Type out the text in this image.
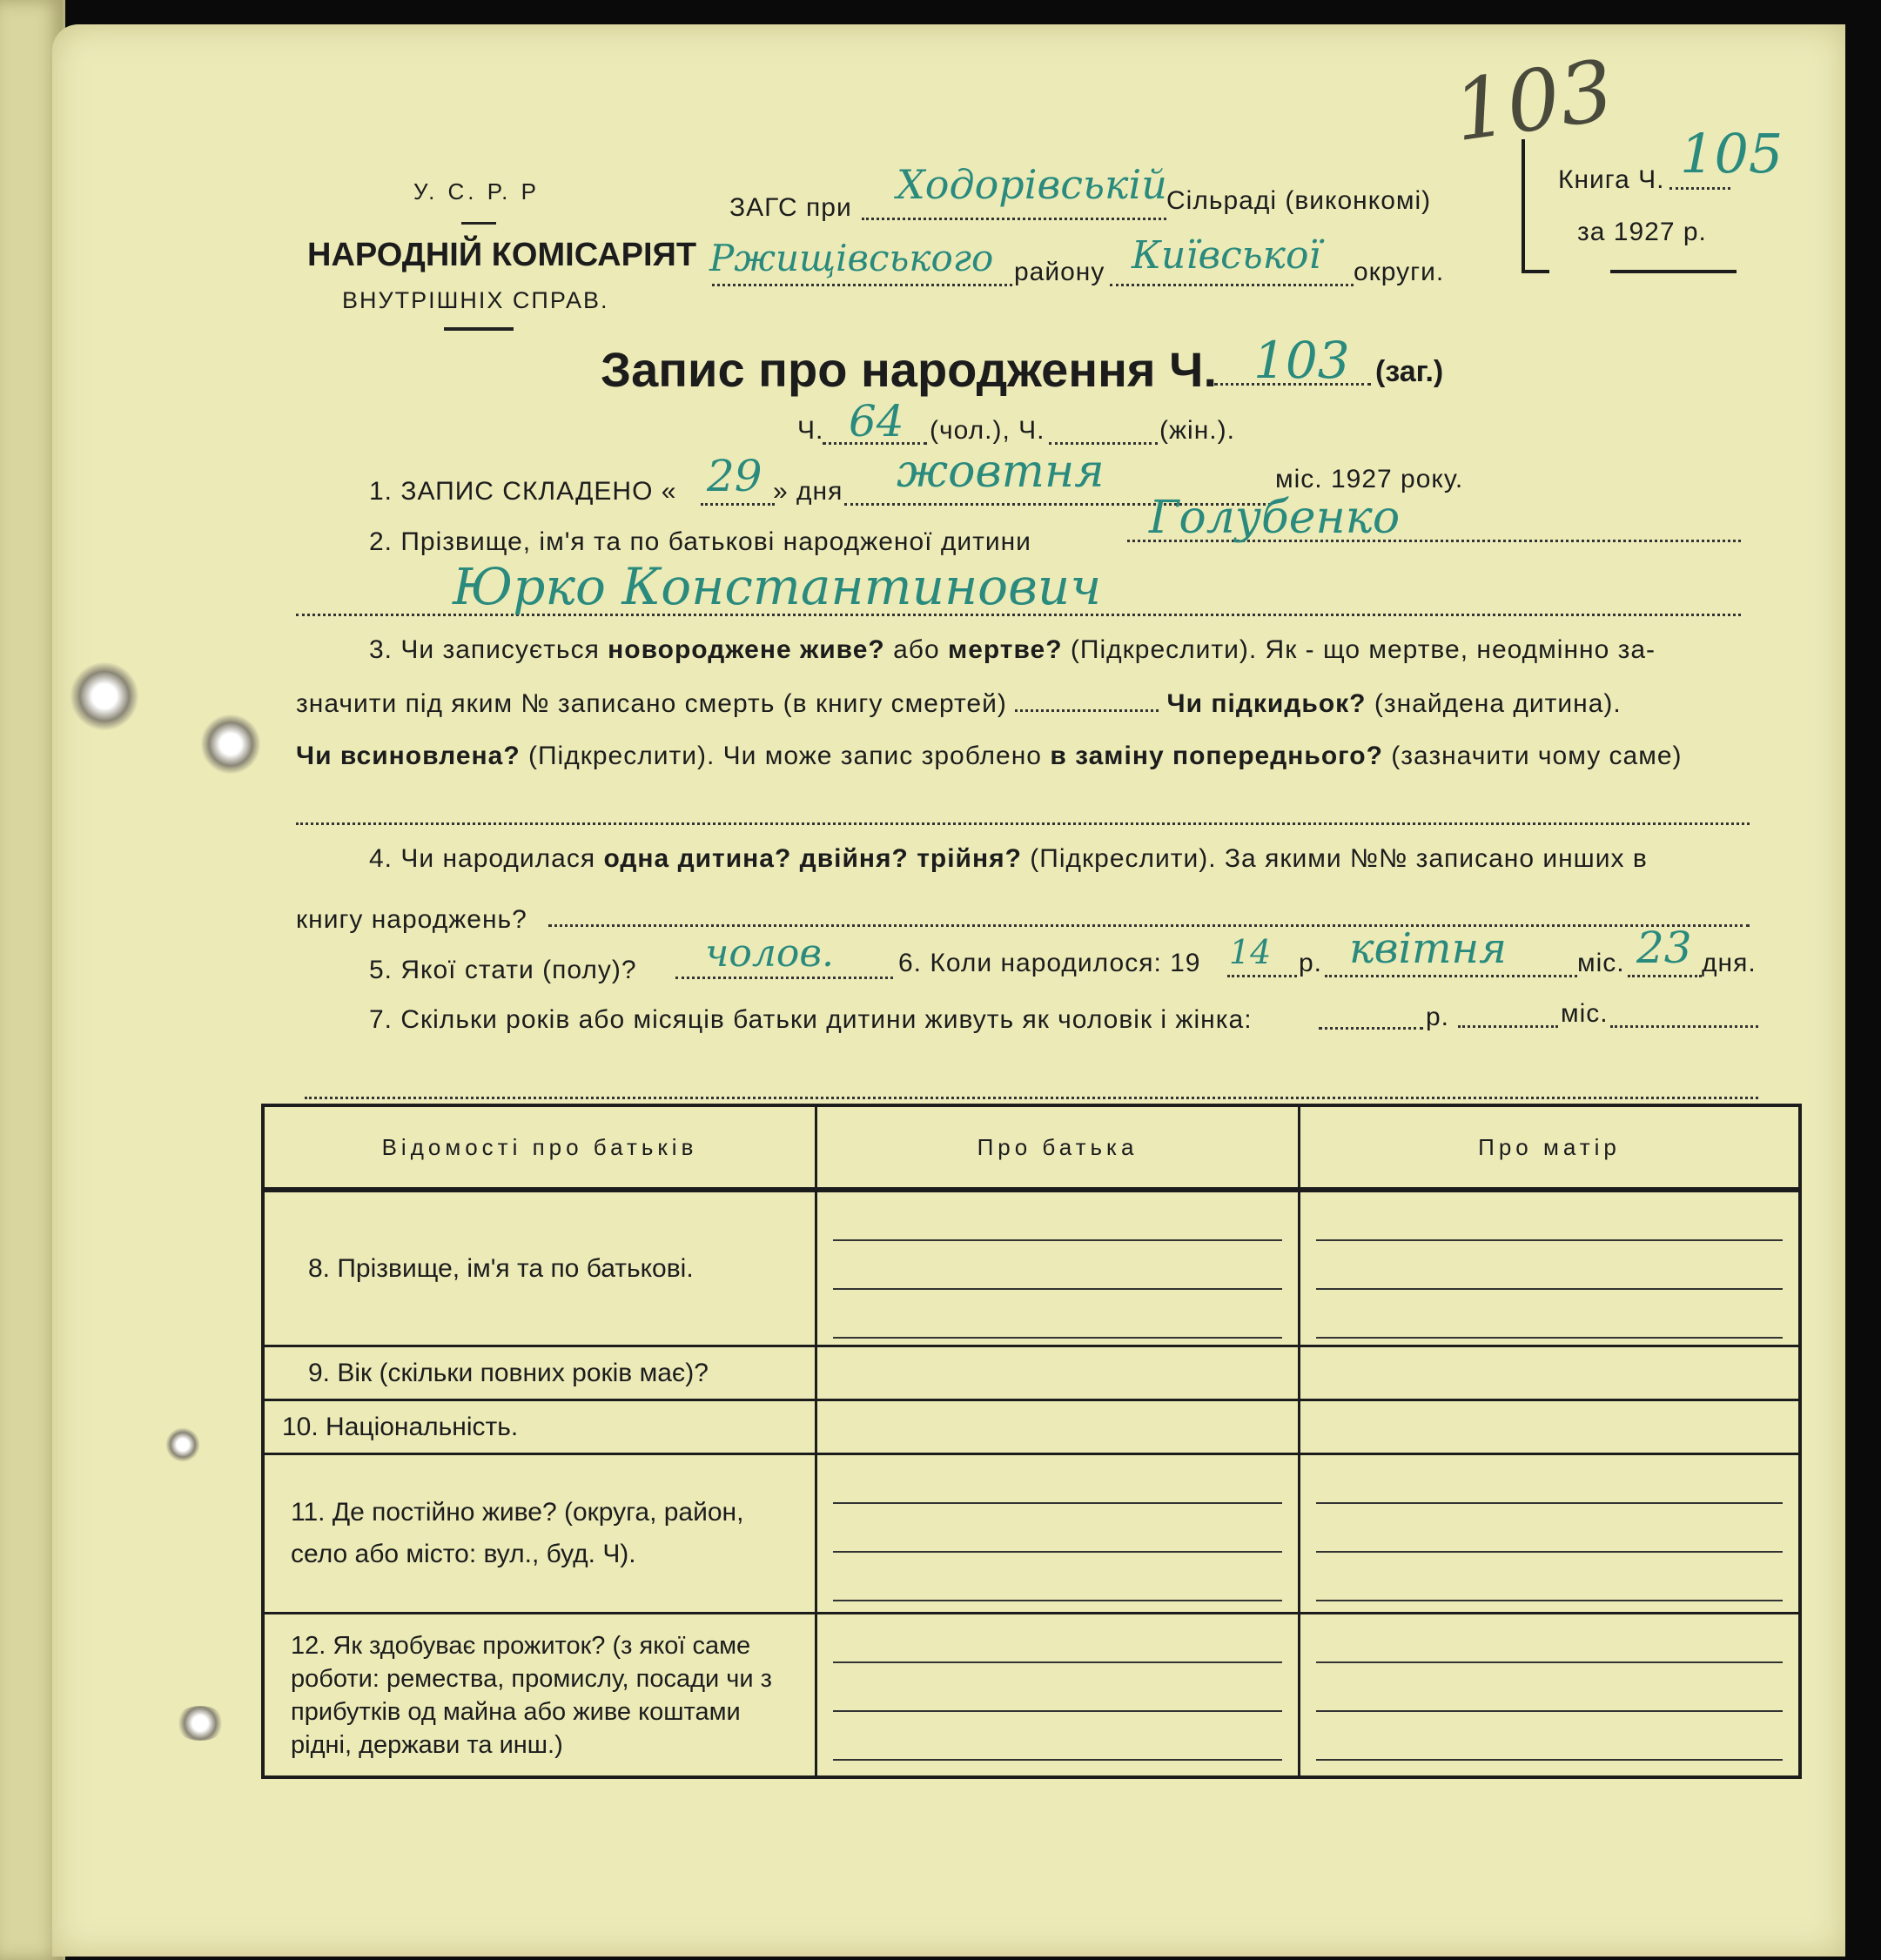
У. С. Р. Р
НАРОДНІЙ КОМІСАРІЯТ
ВНУТРІШНІХ СПРАВ.
ЗАГС при Ходорівській Сільраді (виконкомі)
Ржищівського району Київської округи.
103
Книга Ч. 105
за 1927 р.
Запис про народження Ч. 103 (заг.)
Ч. 64 (чол.), Ч.	(жін.).
1. ЗАПИС СКЛАДЕНО « 29 » дня жовтня	міс. 1927 року.
2. Прізвище, ім'я та по батькові народженої дитини	Голубенко
Юрко Константинович
3. Чи записується новороджене живе? або мертве? (Підкреслити). Як - що мертве, неодмінно за-
значити під яким № записано смерть (в книгу смертей)	Чи підкидьок? (знайдена дитина).
Чи всиновлена? (Підкреслити). Чи може запис зроблено в заміну попереднього? (зазначити чому саме)
4. Чи народилася одна дитина? двійня? трійня? (Підкреслити). За якими №№ записано инших в
книгу народжень?
5. Якої стати (полу)? чолов. 6. Коли народилося: 19 14 р. квітня	міс. 23 дня.
7. Скільки років або місяців батьки дитини живуть як чоловік і жінка:	р.	міс.
Відомості про батьків	Про батька	Про матір
8. Прізвище, ім'я та по батькові.	

9. Вік (скільки повних років має)?		
10. Національність.		
11. Де постійно живе? (округа, район, село або місто: вул., буд. Ч).	

12. Як здобуває прожиток? (з якої саме роботи: ремества, промислу, посади чи з прибутків од майна або живе коштами рідні, держави та инш.)	
